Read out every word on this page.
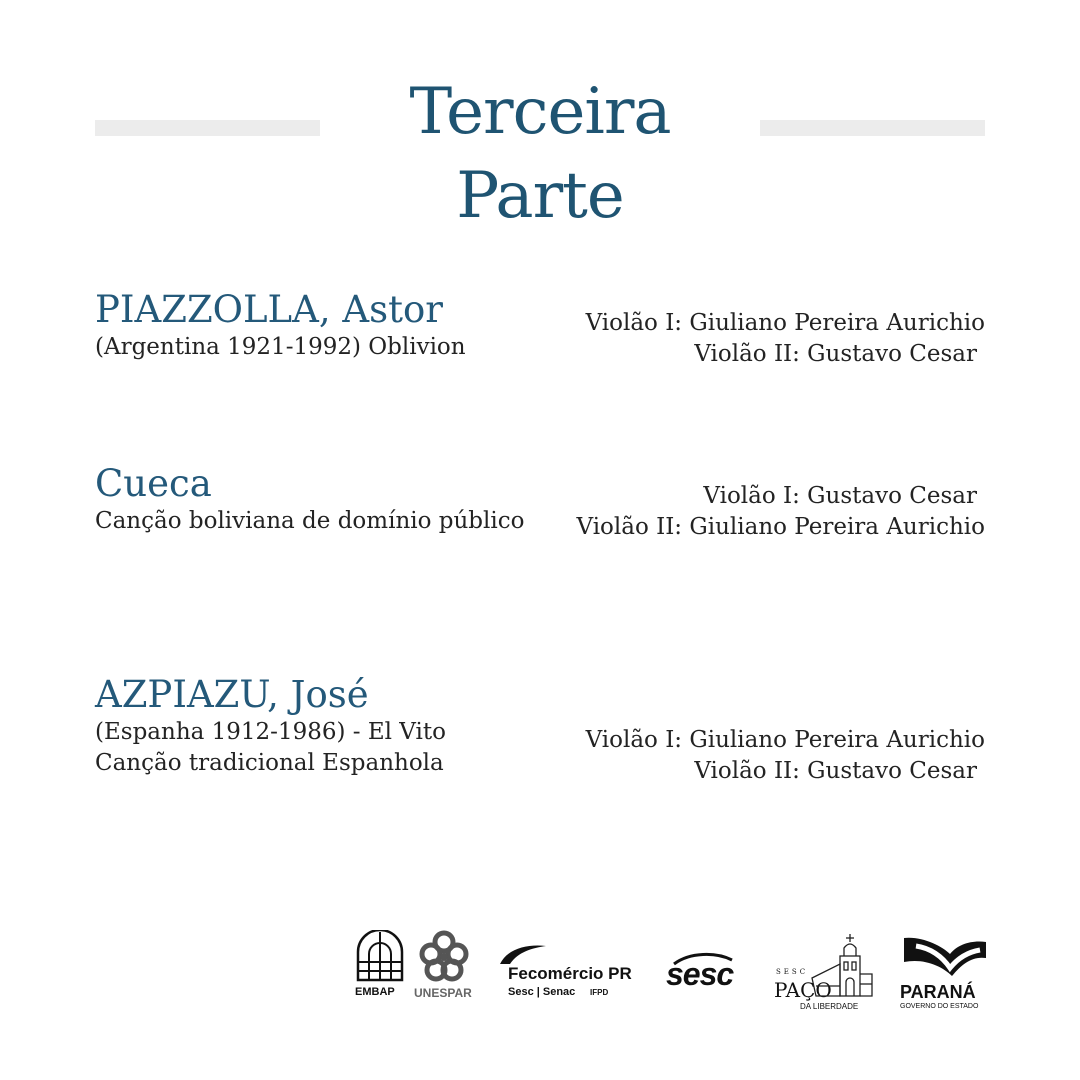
Terceira Parte
PIAZZOLLA, Astor
(Argentina 1921-1992) Oblivion
Violão I: Giuliano Pereira Aurichio
Violão II: Gustavo Cesar
Cueca
Canção boliviana de domínio público
Violão I: Gustavo Cesar
Violão II: Giuliano Pereira Aurichio
AZPIAZU, José
(Espanha 1912-1986) - El Vito
Canção tradicional Espanhola
Violão I: Giuliano Pereira Aurichio
Violão II: Gustavo Cesar
EMBAP UNESPAR
Fecomércio PR
Sesc | Senac IFPD
sesc	SESC
PAÇO
DA LIBERDADE
PARANÁ
GOVERNO DO ESTADO
